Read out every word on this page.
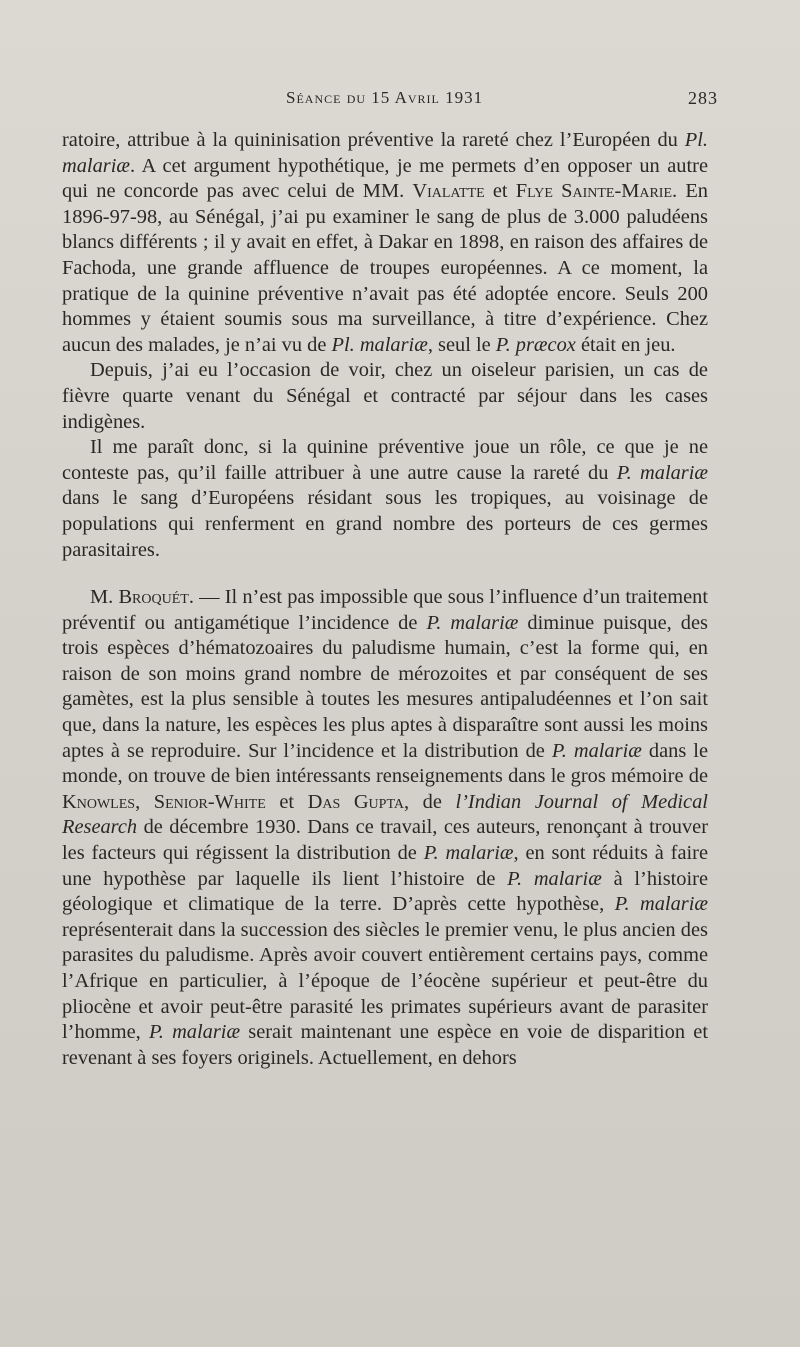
Séance du 15 Avril 1931	283

ratoire, attribue à la quininisation préventive la rareté chez l’Européen du Pl. malariæ. A cet argument hypothétique, je me permets d’en opposer un autre qui ne concorde pas avec celui de MM. Vialatte et Flye Sainte-Marie. En 1896-97-98, au Sénégal, j’ai pu examiner le sang de plus de 3.000 paludéens blancs différents ; il y avait en effet, à Dakar en 1898, en raison des affaires de Fachoda, une grande affluence de troupes européennes. A ce moment, la pratique de la quinine préventive n’avait pas été adoptée encore. Seuls 200 hommes y étaient soumis sous ma surveillance, à titre d’expérience. Chez aucun des malades, je n’ai vu de Pl. malariæ, seul le P. præcox était en jeu.

Depuis, j’ai eu l’occasion de voir, chez un oiseleur parisien, un cas de fièvre quarte venant du Sénégal et contracté par séjour dans les cases indigènes.

Il me paraît donc, si la quinine préventive joue un rôle, ce que je ne conteste pas, qu’il faille attribuer à une autre cause la rareté du P. malariæ dans le sang d’Européens résidant sous les tropiques, au voisinage de populations qui renferment en grand nombre des porteurs de ces germes parasitaires.

M. Broquét. — Il n’est pas impossible que sous l’influence d’un traitement préventif ou antigamétique l’incidence de P. malariæ diminue puisque, des trois espèces d’hématozoaires du paludisme humain, c’est la forme qui, en raison de son moins grand nombre de mérozoites et par conséquent de ses gamètes, est la plus sensible à toutes les mesures antipaludéennes et l’on sait que, dans la nature, les espèces les plus aptes à disparaître sont aussi les moins aptes à se reproduire. Sur l’incidence et la distribution de P. malariæ dans le monde, on trouve de bien intéressants renseignements dans le gros mémoire de Knowles, Senior-White et Das Gupta, de l’Indian Journal of Medical Research de décembre 1930. Dans ce travail, ces auteurs, renonçant à trouver les facteurs qui régissent la distribution de P. malariæ, en sont réduits à faire une hypothèse par laquelle ils lient l’histoire de P. malariæ à l’histoire géologique et climatique de la terre. D’après cette hypothèse, P. malariæ représenterait dans la succession des siècles le premier venu, le plus ancien des parasites du paludisme. Après avoir couvert entièrement certains pays, comme l’Afrique en particulier, à l’époque de l’éocène supérieur et peut-être du pliocène et avoir peut-être parasité les primates supérieurs avant de parasiter l’homme, P. malariæ serait maintenant une espèce en voie de disparition et revenant à ses foyers originels. Actuellement, en dehors
